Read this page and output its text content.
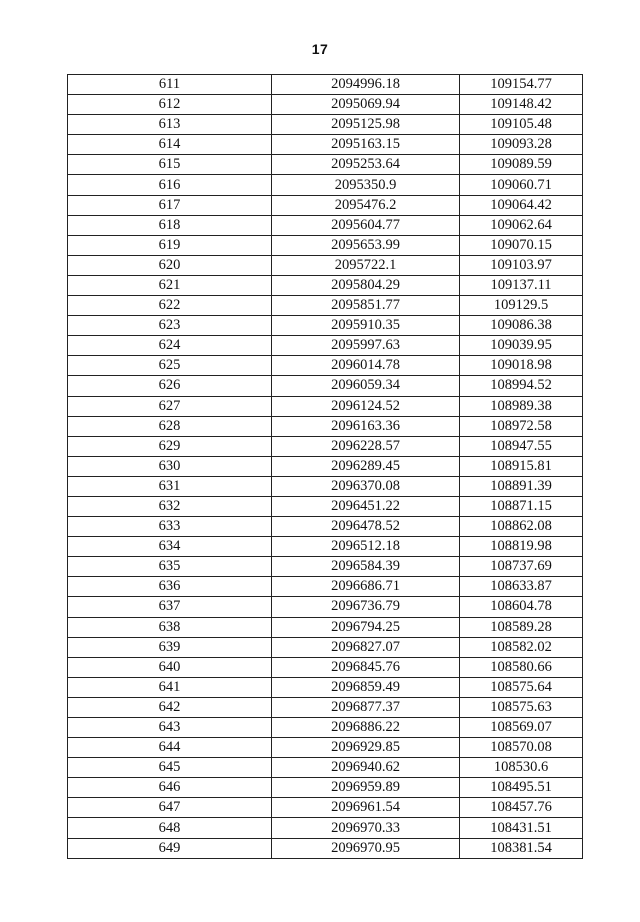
17
611	2094996.18	109154.77
612	2095069.94	109148.42
613	2095125.98	109105.48
614	2095163.15	109093.28
615	2095253.64	109089.59
616	2095350.9	109060.71
617	2095476.2	109064.42
618	2095604.77	109062.64
619	2095653.99	109070.15
620	2095722.1	109103.97
621	2095804.29	109137.11
622	2095851.77	109129.5
623	2095910.35	109086.38
624	2095997.63	109039.95
625	2096014.78	109018.98
626	2096059.34	108994.52
627	2096124.52	108989.38
628	2096163.36	108972.58
629	2096228.57	108947.55
630	2096289.45	108915.81
631	2096370.08	108891.39
632	2096451.22	108871.15
633	2096478.52	108862.08
634	2096512.18	108819.98
635	2096584.39	108737.69
636	2096686.71	108633.87
637	2096736.79	108604.78
638	2096794.25	108589.28
639	2096827.07	108582.02
640	2096845.76	108580.66
641	2096859.49	108575.64
642	2096877.37	108575.63
643	2096886.22	108569.07
644	2096929.85	108570.08
645	2096940.62	108530.6
646	2096959.89	108495.51
647	2096961.54	108457.76
648	2096970.33	108431.51
649	2096970.95	108381.54
